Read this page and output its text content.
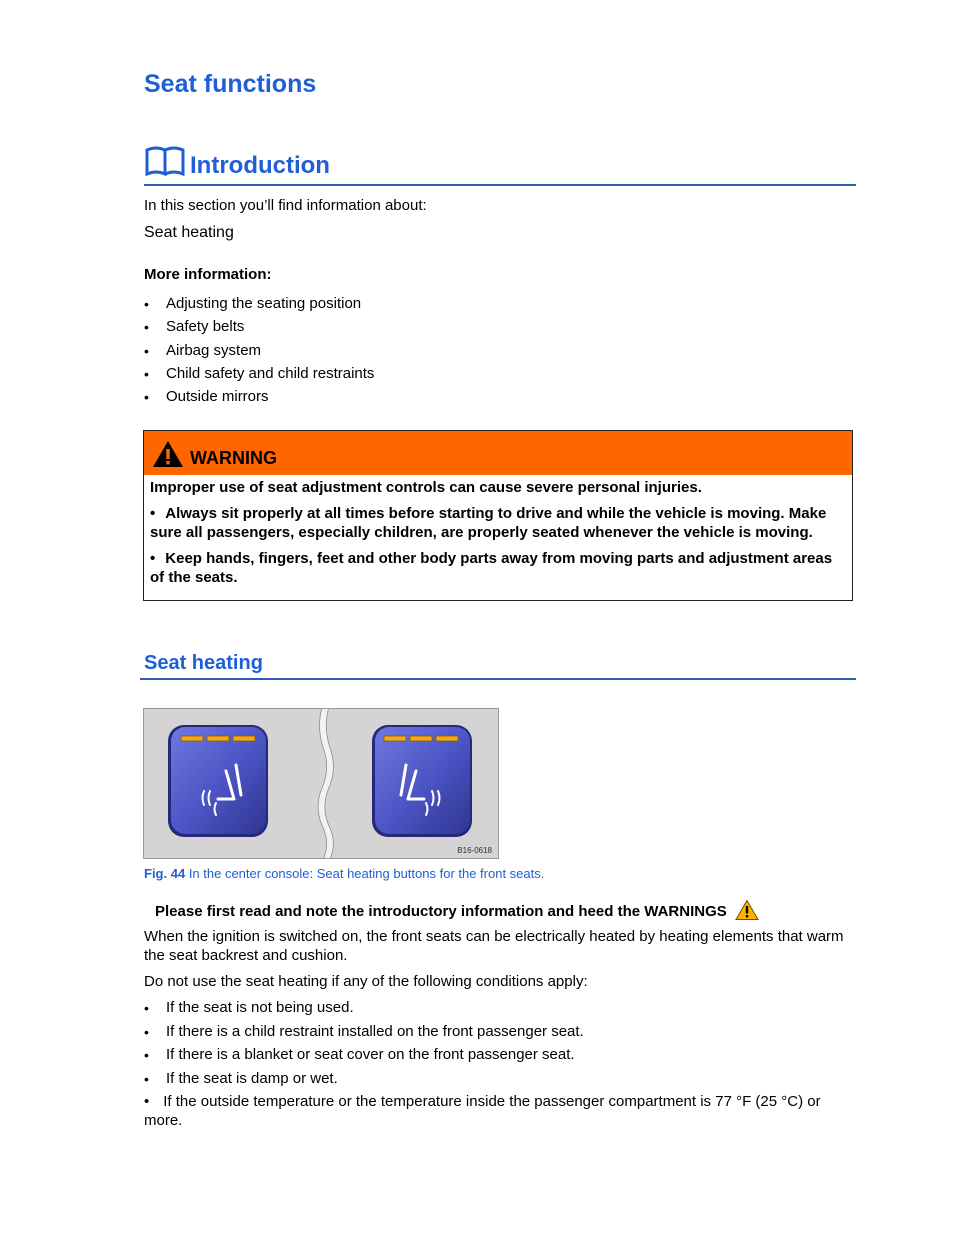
Seat functions
Introduction
In this section you’ll find information about:
Seat heating
More information:
• Adjusting the seating position
• Safety belts
• Airbag system
• Child safety and child restraints
• Outside mirrors
WARNING

Improper use of seat adjustment controls can cause severe personal injuries.

• Always sit properly at all times before starting to drive and while the vehicle is moving. Make sure all passengers, especially children, are properly seated whenever the vehicle is moving.

• Keep hands, fingers, feet and other body parts away from moving parts and adjustment areas of the seats.

Seat heating
B16-0618
Fig. 44 In the center console: Seat heating buttons for the front seats.
Please first read and note the introductory information and heed the WARNINGS

When the ignition is switched on, the front seats can be electrically heated by heating elements that warm the seat backrest and cushion.

Do not use the seat heating if any of the following conditions apply:

• If the seat is not being used.
• If there is a child restraint installed on the front passenger seat.
• If there is a blanket or seat cover on the front passenger seat.
• If the seat is damp or wet.
• If the outside temperature or the temperature inside the passenger compartment is 77 °F (25 °C) or more.
